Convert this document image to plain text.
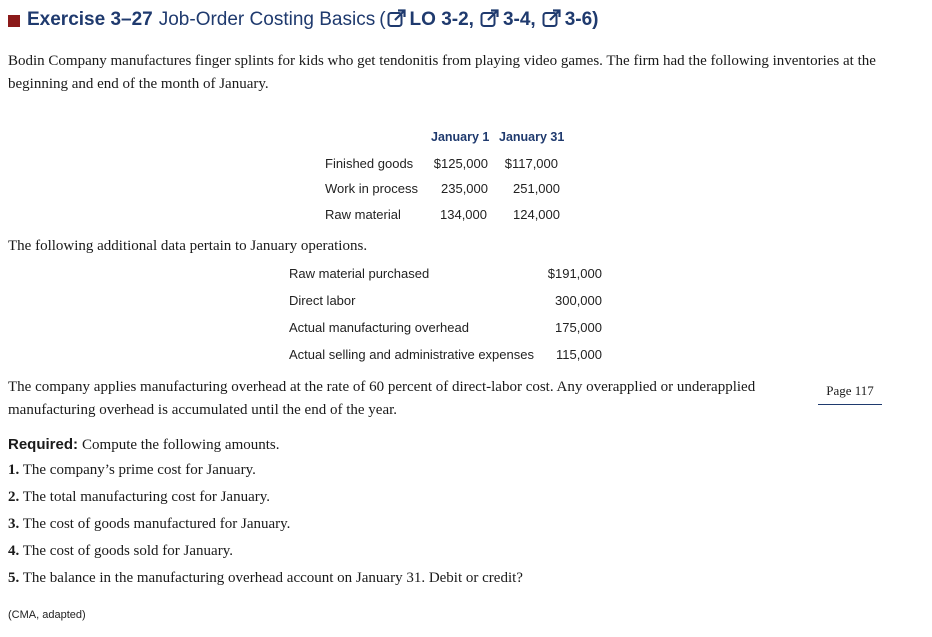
Exercise 3–27 Job-Order Costing Basics ( LO 3-2, 3-4, 3-6)
Bodin Company manufactures finger splints for kids who get tendonitis from playing video games. The firm had the following inventories at the beginning and end of the month of January.
January 1 January 31
Finished goods	$125,000	$117,000
Work in process	235,000	251,000
Raw material	134,000	124,000
The following additional data pertain to January operations.
Raw material purchased	$191,000
Direct labor	300,000
Actual manufacturing overhead	175,000
Actual selling and administrative expenses	115,000
The company applies manufacturing overhead at the rate of 60 percent of direct-labor cost. Any overapplied or underapplied
manufacturing overhead is accumulated until the end of the year.
Page 117
Required: Compute the following amounts.
1. The company’s prime cost for January.
2. The total manufacturing cost for January.
3. The cost of goods manufactured for January.
4. The cost of goods sold for January.
5. The balance in the manufacturing overhead account on January 31. Debit or credit?
(CMA, adapted)
